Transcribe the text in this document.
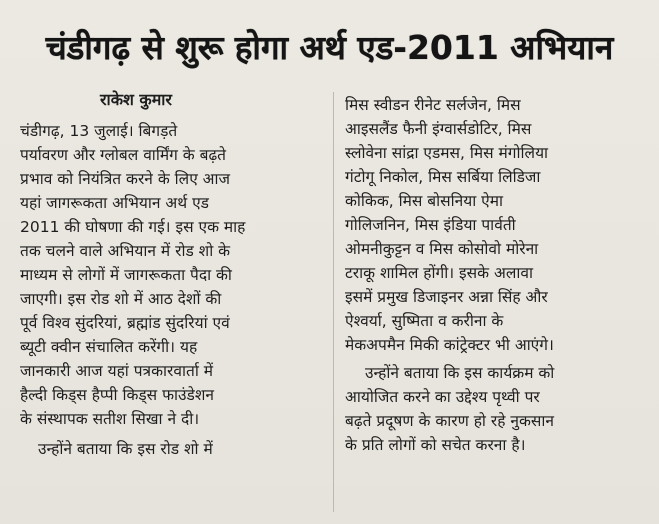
चंडीगढ़ से शुरू होगा अर्थ एड-2011 अभियान
राकेश कुमार
चंडीगढ़, 13 जुलाई। बिगड़ते
पर्यावरण और ग्लोबल वार्मिंग के बढ़ते
प्रभाव को नियंत्रित करने के लिए आज
यहां जागरूकता अभियान अर्थ एड
2011 की घोषणा की गई। इस एक माह
तक चलने वाले अभियान में रोड शो के
माध्यम से लोगों में जागरूकता पैदा की
जाएगी। इस रोड शो में आठ देशों की
पूर्व विश्व सुंदरियां, ब्रह्मांड सुंदरियां एवं
ब्यूटी क्वीन संचालित करेंगी। यह
जानकारी आज यहां पत्रकारवार्ता में
हैल्दी किड्स हैप्पी किड्स फाउंडेशन
के संस्थापक सतीश सिखा ने दी।
उन्होंने बताया कि इस रोड शो में
मिस स्वीडन रीनेट सर्लजेन, मिस
आइसलैंड फैनी इंग्वार्सडोटिर, मिस
स्लोवेना सांद्रा एडमस, मिस मंगोलिया
गंटोगू निकोल, मिस सर्बिया लिडिजा
कोकिक, मिस बोसनिया ऐमा
गोलिजनिन, मिस इंडिया पार्वती
ओमनीकुट्टन व मिस कोसोवो मोरेना
टराकू शामिल होंगी। इसके अलावा
इसमें प्रमुख डिजाइनर अन्ना सिंह और
ऐश्वर्या, सुष्मिता व करीना के
मेकअपमैन मिकी कांट्रेक्टर भी आएंगे।
उन्होंने बताया कि इस कार्यक्रम को
आयोजित करने का उद्देश्य पृथ्वी पर
बढ़ते प्रदूषण के कारण हो रहे नुकसान
के प्रति लोगों को सचेत करना है।
